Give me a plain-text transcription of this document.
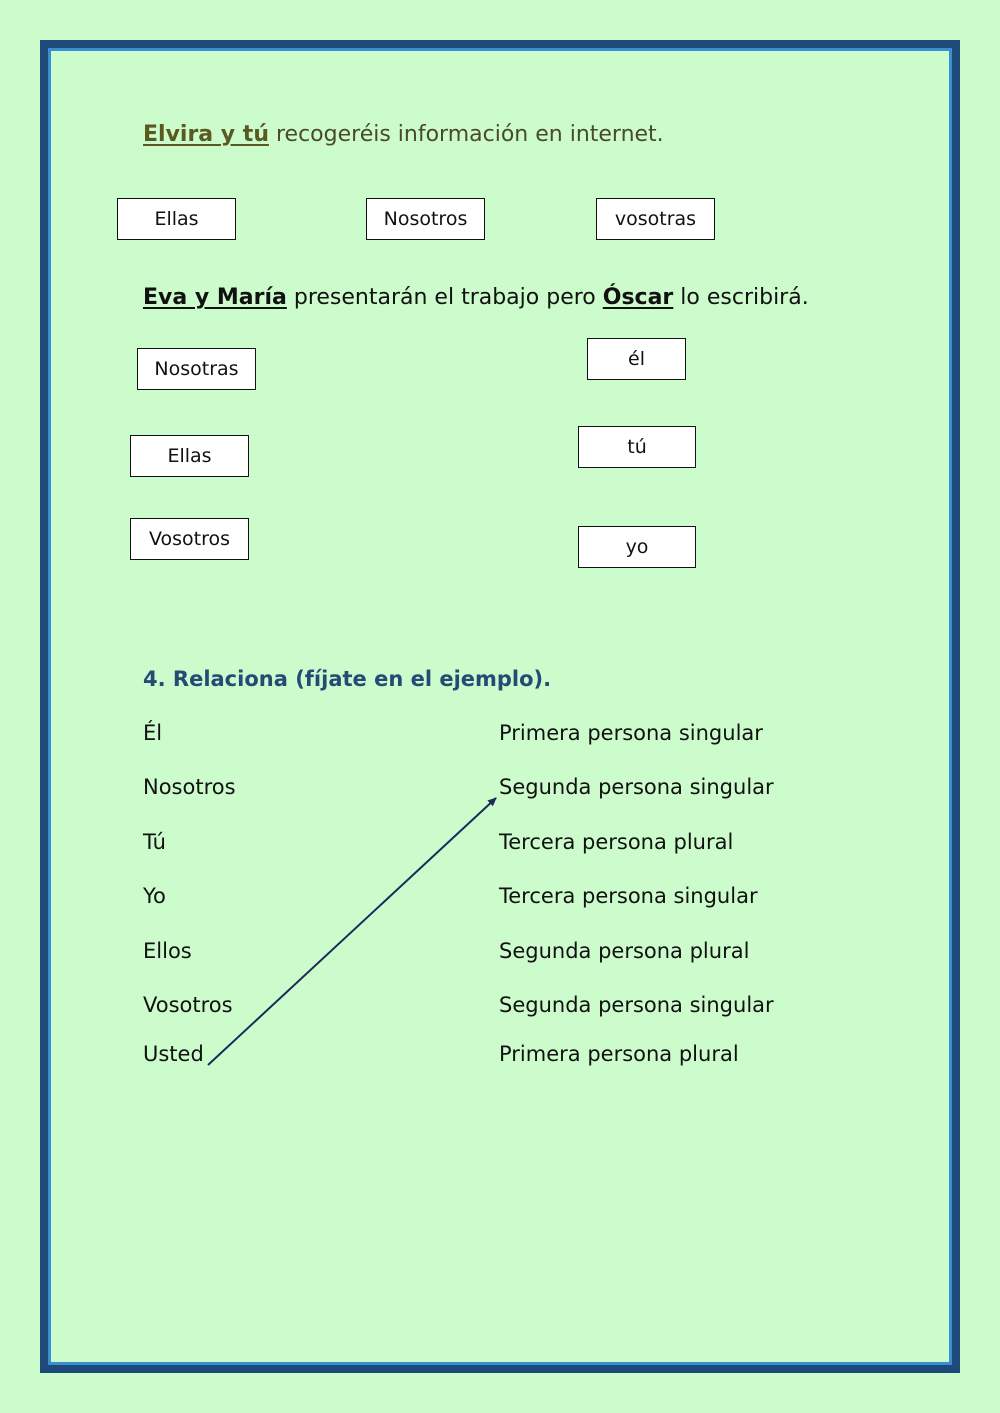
Elvira y tú recogeréis información en internet.
Ellas	Nosotros	vosotras
Eva y María presentarán el trabajo pero Óscar lo escribirá.
Nosotras
Ellas
Vosotros
él
tú
yo
4. Relaciona (fíjate en el ejemplo).
Él
Nosotros
Tú
Yo
Ellos
Vosotros
Usted
Primera persona singular
Segunda persona singular
Tercera persona plural
Tercera persona singular
Segunda persona plural
Segunda persona singular
Primera persona plural
